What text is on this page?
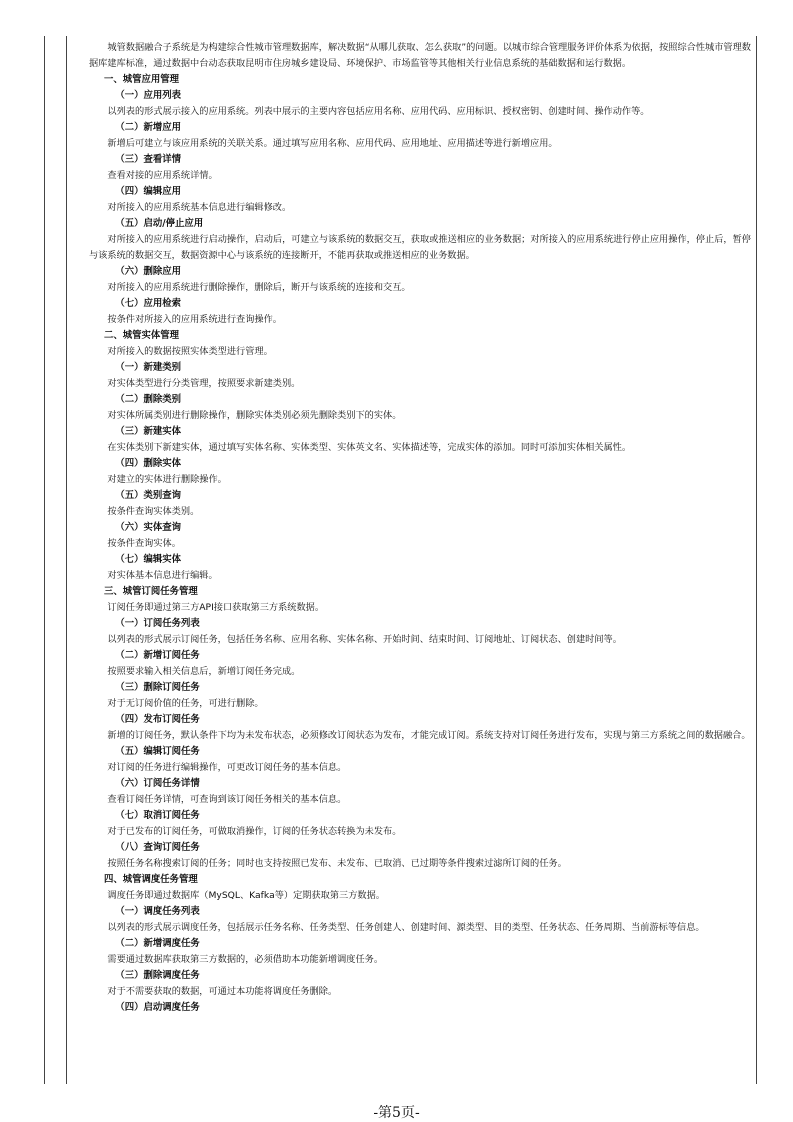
城管数据融合子系统是为构建综合性城市管理数据库，解决数据“从哪儿获取、怎么获取”的问题。以城市综合管理服务评价体系为依据，按照综合性城市管理数据库建库标准，通过数据中台动态获取昆明市住房城乡建设局、环境保护、市场监管等其他相关行业信息系统的基础数据和运行数据。

一、城管应用管理

（一）应用列表

以列表的形式展示接入的应用系统。列表中展示的主要内容包括应用名称、应用代码、应用标识、授权密钥、创建时间、操作动作等。

（二）新增应用

新增后可建立与该应用系统的关联关系。通过填写应用名称、应用代码、应用地址、应用描述等进行新增应用。

（三）查看详情

查看对接的应用系统详情。

（四）编辑应用

对所接入的应用系统基本信息进行编辑修改。

（五）启动/停止应用

对所接入的应用系统进行启动操作，启动后，可建立与该系统的数据交互，获取或推送相应的业务数据；对所接入的应用系统进行停止应用操作，停止后，暂停与该系统的数据交互，数据资源中心与该系统的连接断开，不能再获取或推送相应的业务数据。

（六）删除应用

对所接入的应用系统进行删除操作，删除后，断开与该系统的连接和交互。

（七）应用检索

按条件对所接入的应用系统进行查询操作。

二、城管实体管理

对所接入的数据按照实体类型进行管理。

（一）新建类别

对实体类型进行分类管理，按照要求新建类别。

（二）删除类别

对实体所属类别进行删除操作，删除实体类别必须先删除类别下的实体。

（三）新建实体

在实体类别下新建实体，通过填写实体名称、实体类型、实体英文名、实体描述等，完成实体的添加。同时可添加实体相关属性。

（四）删除实体

对建立的实体进行删除操作。

（五）类别查询

按条件查询实体类别。

（六）实体查询

按条件查询实体。

（七）编辑实体

对实体基本信息进行编辑。

三、城管订阅任务管理

订阅任务即通过第三方API接口获取第三方系统数据。

（一）订阅任务列表

以列表的形式展示订阅任务，包括任务名称、应用名称、实体名称、开始时间、结束时间、订阅地址、订阅状态、创建时间等。

（二）新增订阅任务

按照要求输入相关信息后，新增订阅任务完成。

（三）删除订阅任务

对于无订阅价值的任务，可进行删除。

（四）发布订阅任务

新增的订阅任务，默认条件下均为未发布状态，必须修改订阅状态为发布，才能完成订阅。系统支持对订阅任务进行发布，实现与第三方系统之间的数据融合。

（五）编辑订阅任务

对订阅的任务进行编辑操作，可更改订阅任务的基本信息。

（六）订阅任务详情

查看订阅任务详情，可查询到该订阅任务相关的基本信息。

（七）取消订阅任务

对于已发布的订阅任务，可做取消操作，订阅的任务状态转换为未发布。

（八）查询订阅任务

按照任务名称搜索订阅的任务；同时也支持按照已发布、未发布、已取消、已过期等条件搜索过滤所订阅的任务。

四、城管调度任务管理

调度任务即通过数据库（MySQL、Kafka等）定期获取第三方数据。

（一）调度任务列表

以列表的形式展示调度任务，包括展示任务名称、任务类型、任务创建人、创建时间、源类型、目的类型、任务状态、任务周期、当前游标等信息。

（二）新增调度任务

需要通过数据库获取第三方数据的，必须借助本功能新增调度任务。

（三）删除调度任务

对于不需要获取的数据，可通过本功能将调度任务删除。

（四）启动调度任务

-第5页-
